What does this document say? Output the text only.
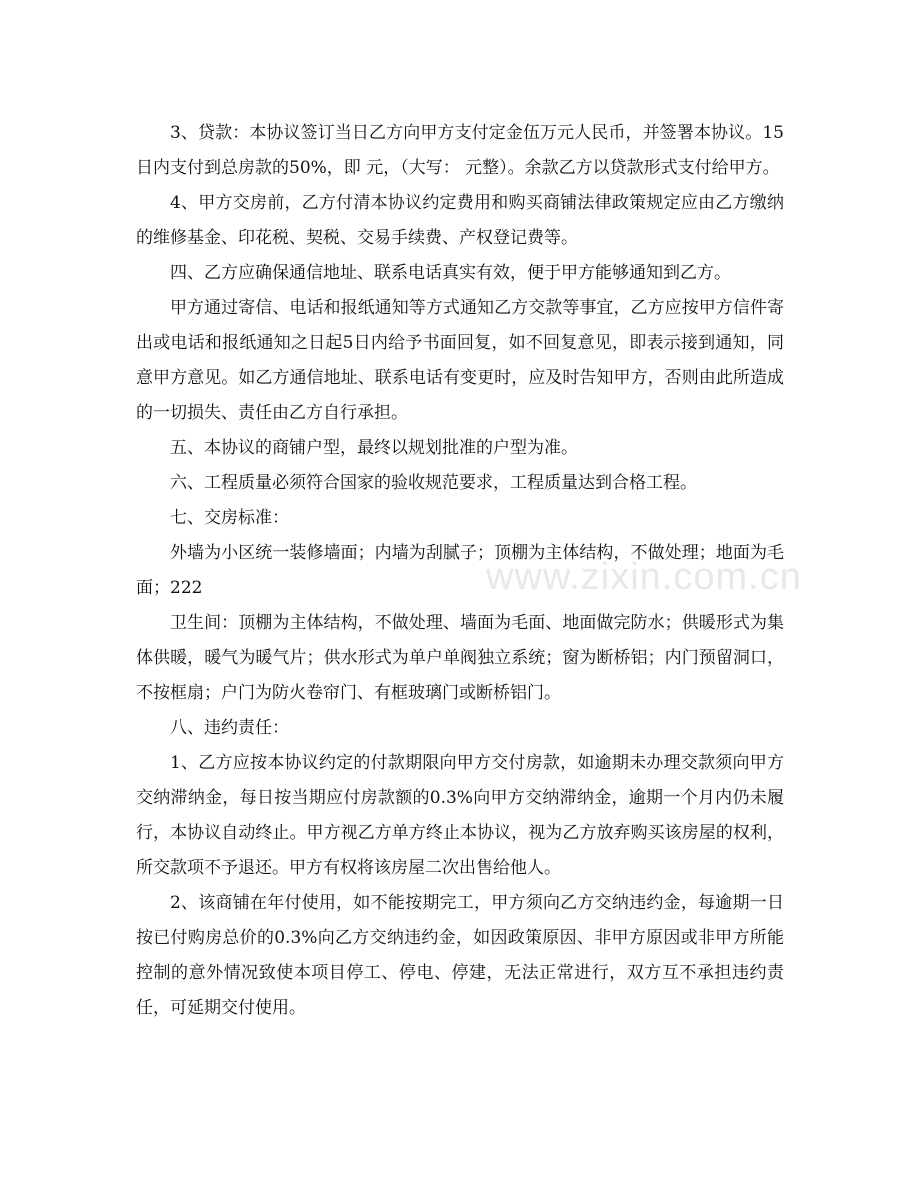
3、贷款：本协议签订当日乙方向甲方支付定金伍万元人民币，并签署本协议。15日内支付到总房款的50%，即 元，（大写： 元整）。余款乙方以贷款形式支付给甲方。

4、甲方交房前，乙方付清本协议约定费用和购买商铺法律政策规定应由乙方缴纳的维修基金、印花税、契税、交易手续费、产权登记费等。

四、乙方应确保通信地址、联系电话真实有效，便于甲方能够通知到乙方。

甲方通过寄信、电话和报纸通知等方式通知乙方交款等事宜，乙方应按甲方信件寄出或电话和报纸通知之日起5日内给予书面回复，如不回复意见，即表示接到通知，同意甲方意见。如乙方通信地址、联系电话有变更时，应及时告知甲方，否则由此所造成的一切损失、责任由乙方自行承担。

五、本协议的商铺户型，最终以规划批准的户型为准。

六、工程质量必须符合国家的验收规范要求，工程质量达到合格工程。

七、交房标准：

外墙为小区统一装修墙面；内墙为刮腻子；顶棚为主体结构，不做处理；地面为毛面；222

卫生间：顶棚为主体结构，不做处理、墙面为毛面、地面做完防水；供暖形式为集体供暖，暖气为暖气片；供水形式为单户单阀独立系统；窗为断桥铝；内门预留洞口，不按框扇；户门为防火卷帘门、有框玻璃门或断桥铝门。

八、违约责任：

1、乙方应按本协议约定的付款期限向甲方交付房款，如逾期未办理交款须向甲方交纳滞纳金，每日按当期应付房款额的0.3%向甲方交纳滞纳金，逾期一个月内仍未履行，本协议自动终止。甲方视乙方单方终止本协议，视为乙方放弃购买该房屋的权利，所交款项不予退还。甲方有权将该房屋二次出售给他人。

2、该商铺在年付使用，如不能按期完工，甲方须向乙方交纳违约金，每逾期一日按已付购房总价的0.3%向乙方交纳违约金，如因政策原因、非甲方原因或非甲方所能控制的意外情况致使本项目停工、停电、停建，无法正常进行，双方互不承担违约责任，可延期交付使用。

www.zixin.com.cn
